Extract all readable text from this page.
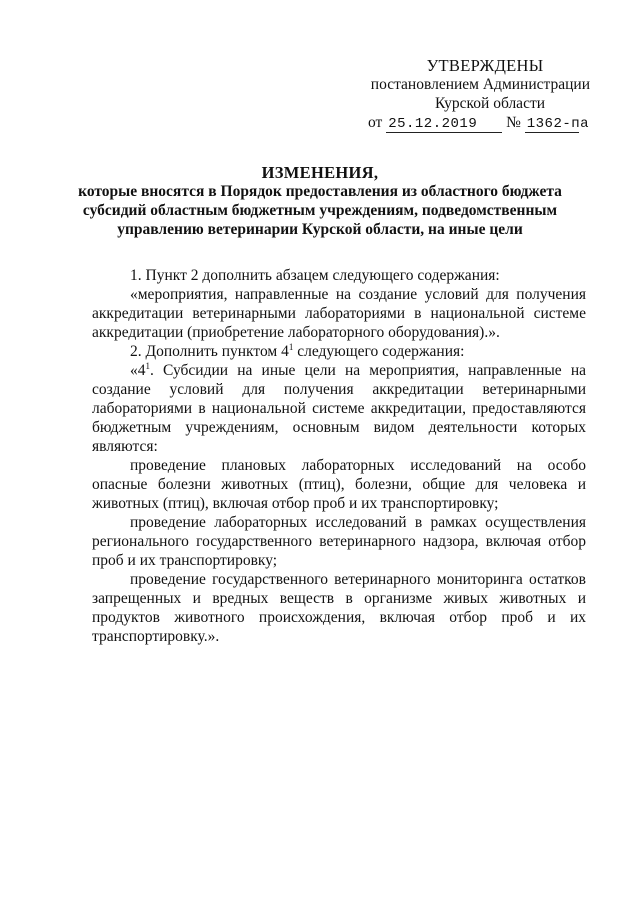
УТВЕРЖДЕНЫ
постановлением Администрации
Курской области
от 25.12.2019 № 1362-па
ИЗМЕНЕНИЯ,
которые вносятся в Порядок предоставления из областного бюджета
субсидий областным бюджетным учреждениям, подведомственным
управлению ветеринарии Курской области, на иные цели

1. Пункт 2 дополнить абзацем следующего содержания:

«мероприятия, направленные на создание условий для получения аккредитации ветеринарными лабораториями в национальной системе аккредитации (приобретение лабораторного оборудования).».

2. Дополнить пунктом $4^1$ следующего содержания:

«$4^1$. Субсидии на иные цели на мероприятия, направленные на создание условий для получения аккредитации ветеринарными лабораториями в национальной системе аккредитации, предоставляются бюджетным учреждениям, основным видом деятельности которых являются:

проведение плановых лабораторных исследований на особо опасные болезни животных (птиц), болезни, общие для человека и животных (птиц), включая отбор проб и их транспортировку;

проведение лабораторных исследований в рамках осуществления регионального государственного ветеринарного надзора, включая отбор проб и их транспортировку;

проведение государственного ветеринарного мониторинга остатков запрещенных и вредных веществ в организме живых животных и продуктов животного происхождения, включая отбор проб и их транспортировку.».
